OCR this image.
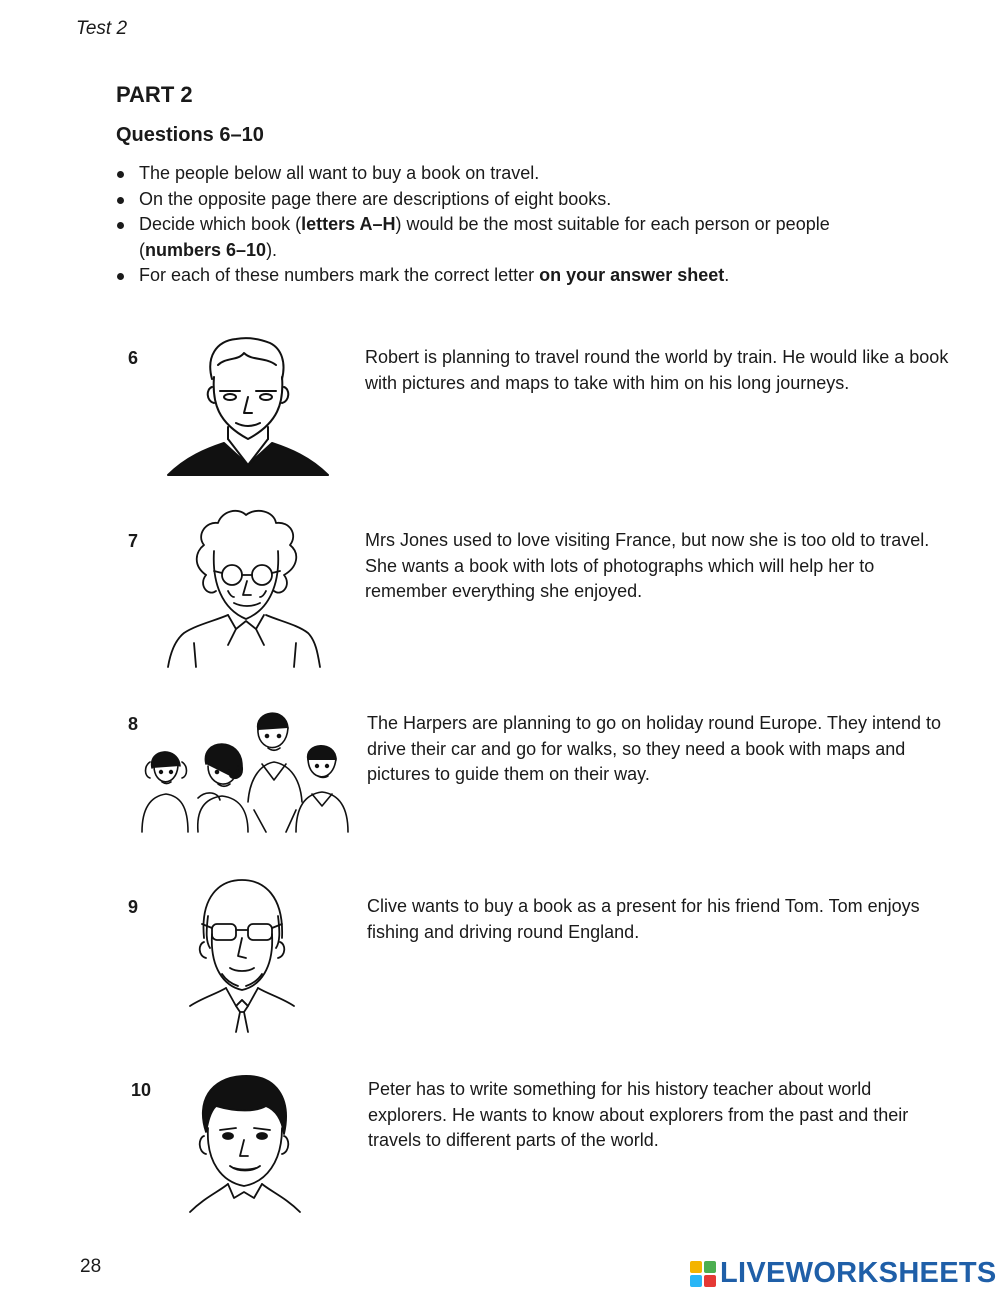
Test 2
PART 2
Questions 6–10
The people below all want to buy a book on travel.
On the opposite page there are descriptions of eight books.
Decide which book (letters A–H) would be the most suitable for each person or people (numbers 6–10).
For each of these numbers mark the correct letter on your answer sheet.
6	Robert is planning to travel round the world by train. He would like a book with pictures and maps to take with him on his long journeys.
7	Mrs Jones used to love visiting France, but now she is too old to travel. She wants a book with lots of photographs which will help her to remember everything she enjoyed.
8	The Harpers are planning to go on holiday round Europe. They intend to drive their car and go for walks, so they need a book with maps and pictures to guide them on their way.
9	Clive wants to buy a book as a present for his friend Tom. Tom enjoys fishing and driving round England.
10	Peter has to write something for his history teacher about world explorers. He wants to know about explorers from the past and their travels to different parts of the world.
28	LIVEWORKSHEETS
